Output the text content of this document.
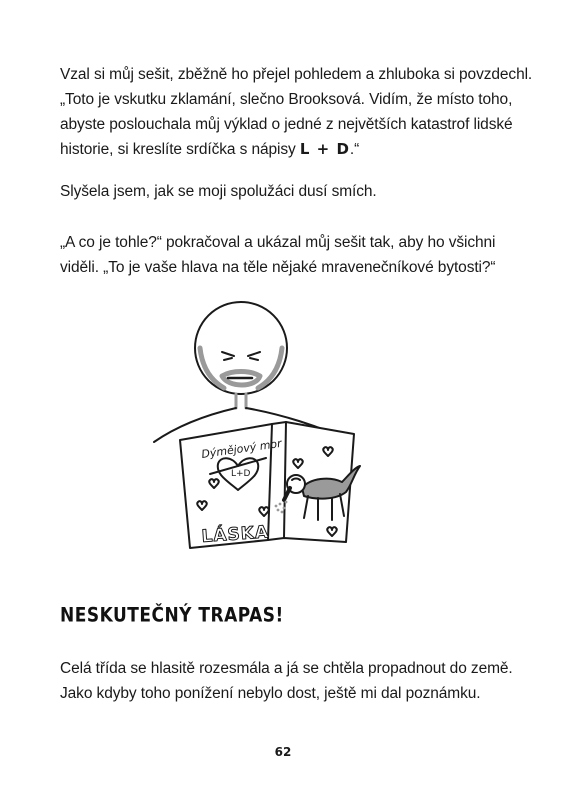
Vzal si můj sešit, zběžně ho přejel pohledem a zhluboka si povzdechl.
„Toto je vskutku zklamání, slečno Brooksová. Vidím, že místo toho,
abyste poslouchala můj výklad o jedné z největších katastrof lidské
historie, si kreslíte srdíčka s nápisy L + D.“

Slyšela jsem, jak se moji spolužáci dusí smích.

„A co je tohle?“ pokračoval a ukázal můj sešit tak, aby ho všichni
viděli. „To je vaše hlava na těle nějaké mravenečníkové bytosti?“

Dýmějový mor
L+D
LÁSKA
NESKUTEČNÝ TRAPAS!

Celá třída se hlasitě rozesmála a já se chtěla propadnout do země.
Jako kdyby toho ponížení nebylo dost, ještě mi dal poznámku.

62
